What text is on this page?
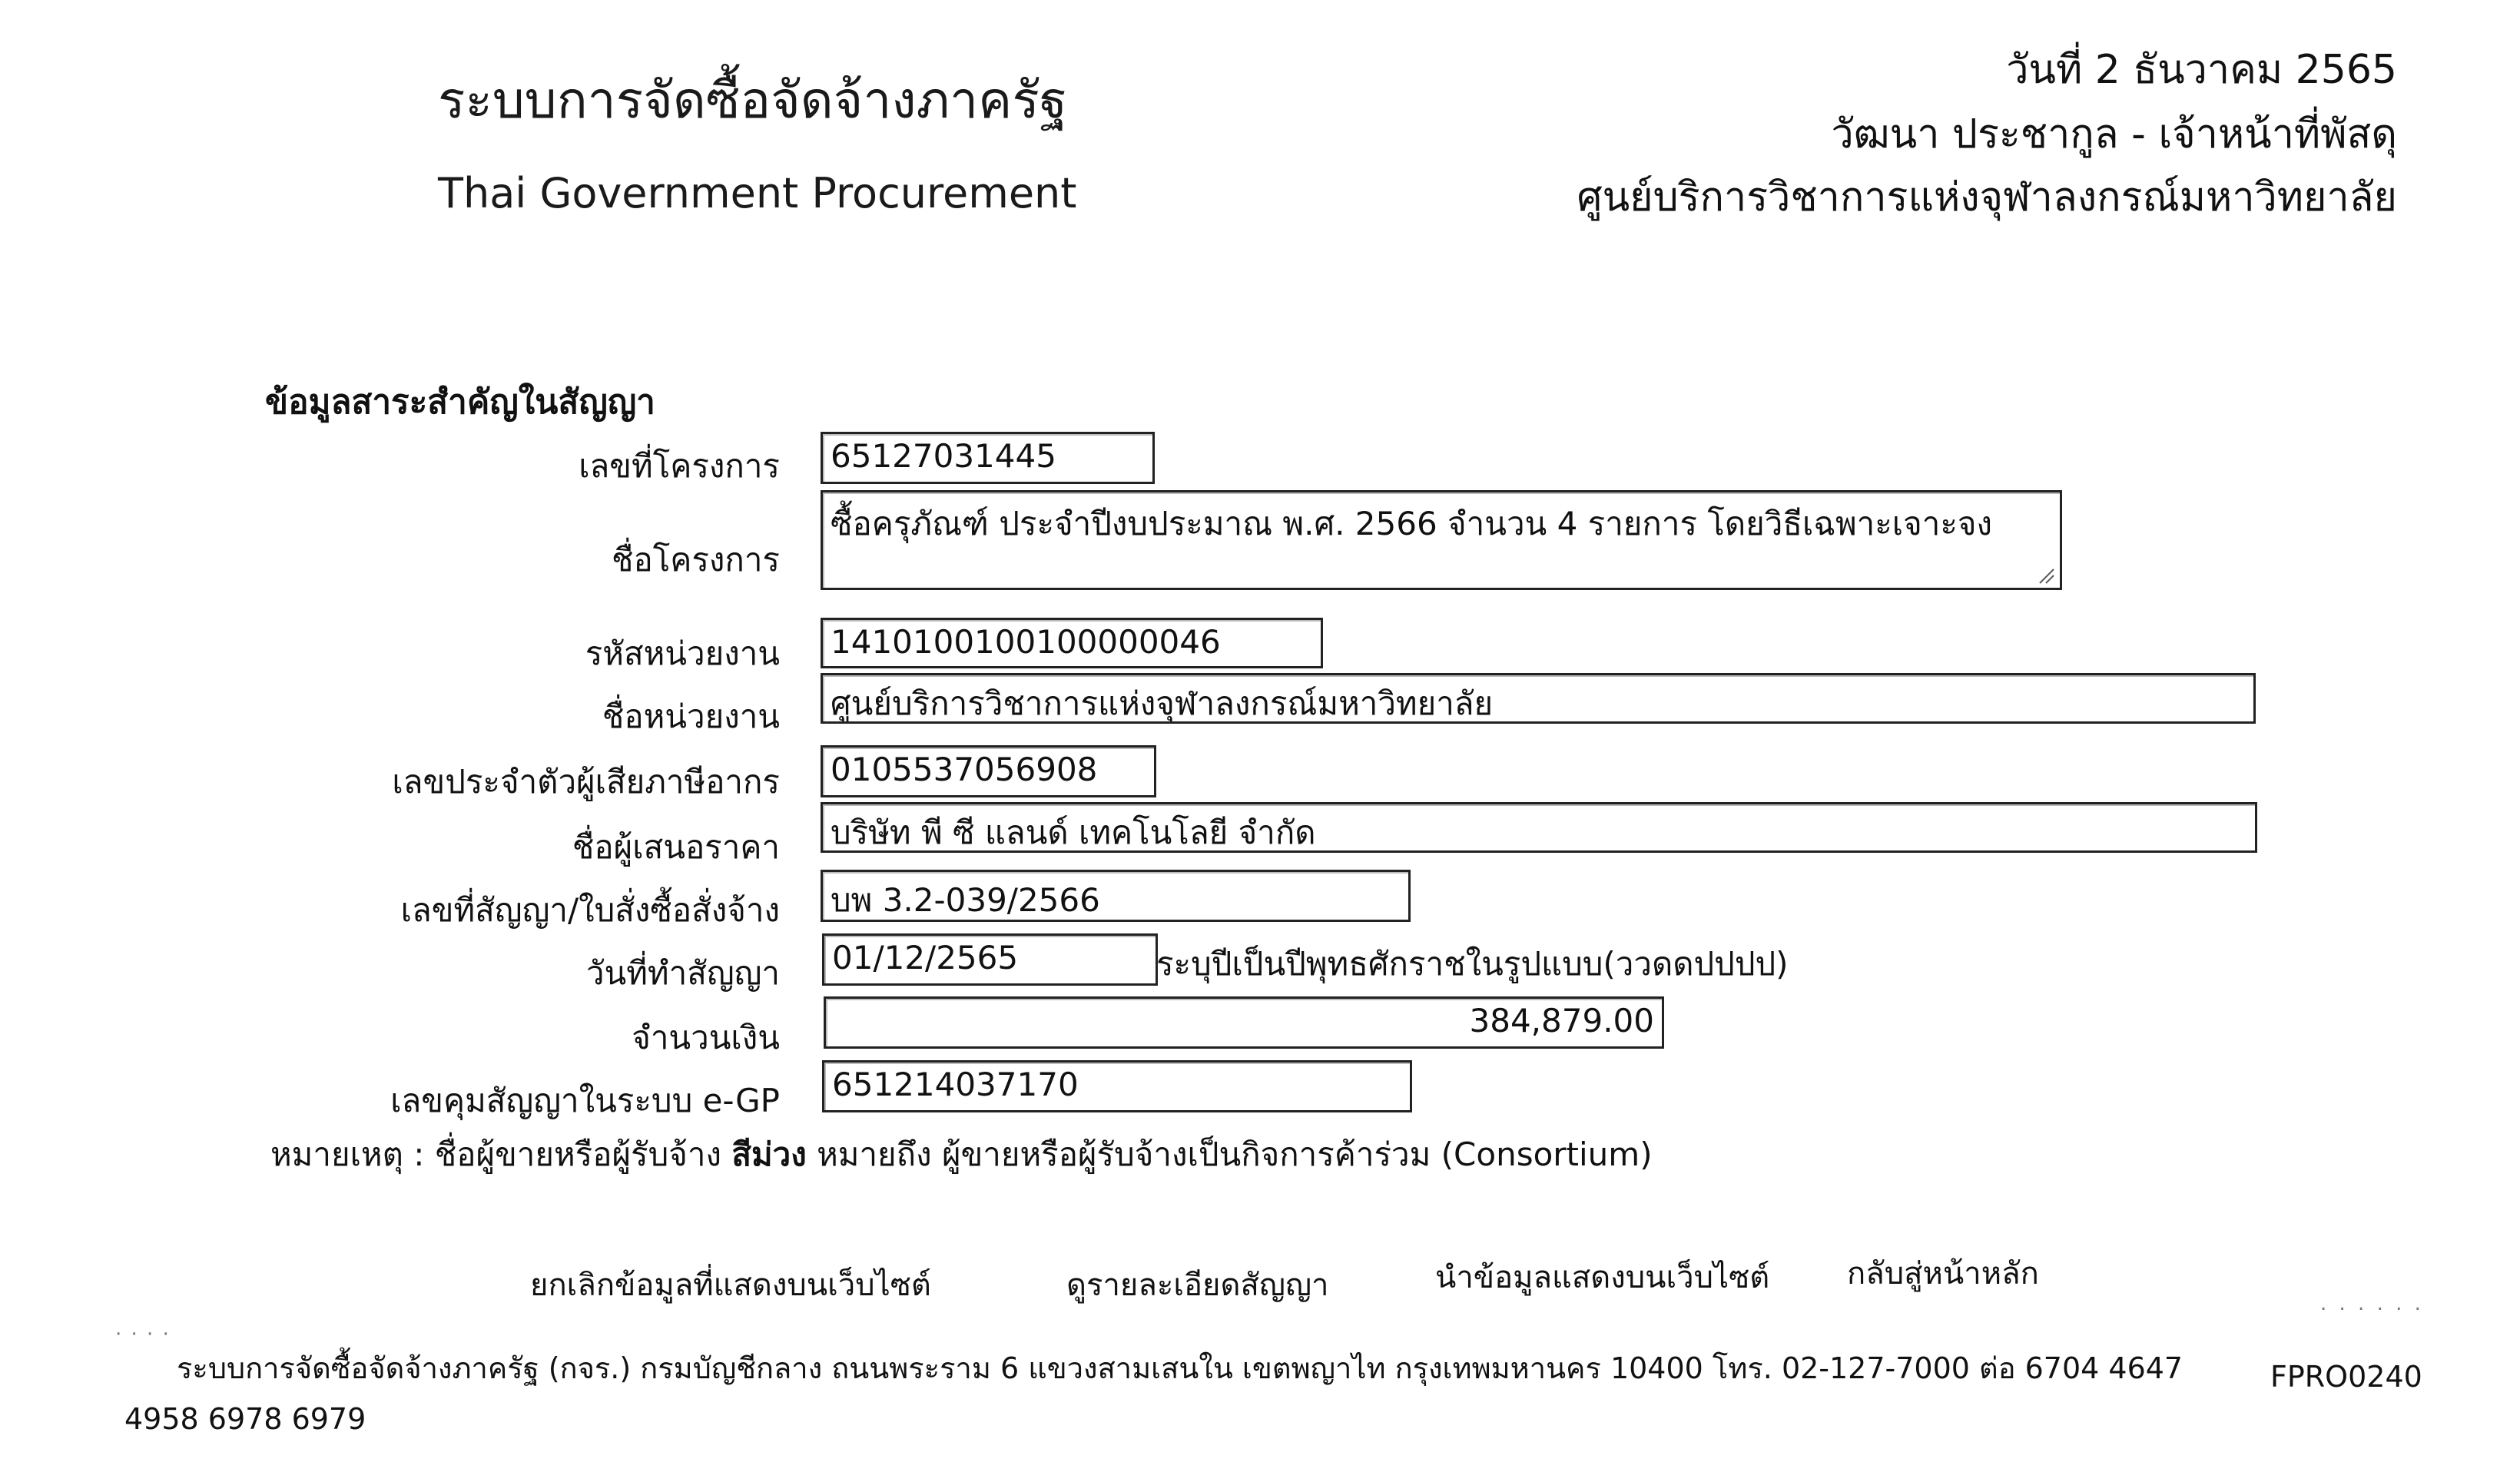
ระบบการจัดซื้อจัดจ้างภาครัฐ
Thai Government Procurement
วันที่ 2 ธันวาคม 2565
วัฒนา ประชากูล - เจ้าหน้าที่พัสดุ
ศูนย์บริการวิชาการแห่งจุฬาลงกรณ์มหาวิทยาลัย
ข้อมูลสาระสำคัญในสัญญา
เลขที่โครงการ	65127031445
ชื่อโครงการ
ซื้อครุภัณฑ์ ประจำปีงบประมาณ พ.ศ. 2566 จำนวน 4 รายการ โดยวิธีเฉพาะเจาะจง
รหัสหน่วยงาน	1410100100100000046
ชื่อหน่วยงาน	ศูนย์บริการวิชาการแห่งจุฬาลงกรณ์มหาวิทยาลัย
เลขประจำตัวผู้เสียภาษีอากร	0105537056908
ชื่อผู้เสนอราคา	บริษัท พี ซี แลนด์ เทคโนโลยี จำกัด
เลขที่สัญญา/ใบสั่งซื้อสั่งจ้าง	บพ 3.2-039/2566
วันที่ทำสัญญา	01/12/2565	ระบุปีเป็นปีพุทธศักราชในรูปแบบ(ววดดปปปป)
จำนวนเงิน	384,879.00
เลขคุมสัญญาในระบบ e-GP	651214037170
หมายเหตุ : ชื่อผู้ขายหรือผู้รับจ้าง สีม่วง หมายถึง ผู้ขายหรือผู้รับจ้างเป็นกิจการค้าร่วม (Consortium)
ยกเลิกข้อมูลที่แสดงบนเว็บไซต์	ดูรายละเอียดสัญญา	นำข้อมูลแสดงบนเว็บไซต์	กลับสู่หน้าหลัก
· · · ·
. . . . . .
ระบบการจัดซื้อจัดจ้างภาครัฐ (กจร.) กรมบัญชีกลาง ถนนพระราม 6 แขวงสามเสนใน เขตพญาไท กรุงเทพมหานคร 10400 โทร. 02-127-7000 ต่อ 6704 4647
4958 6978 6979
FPRO0240
